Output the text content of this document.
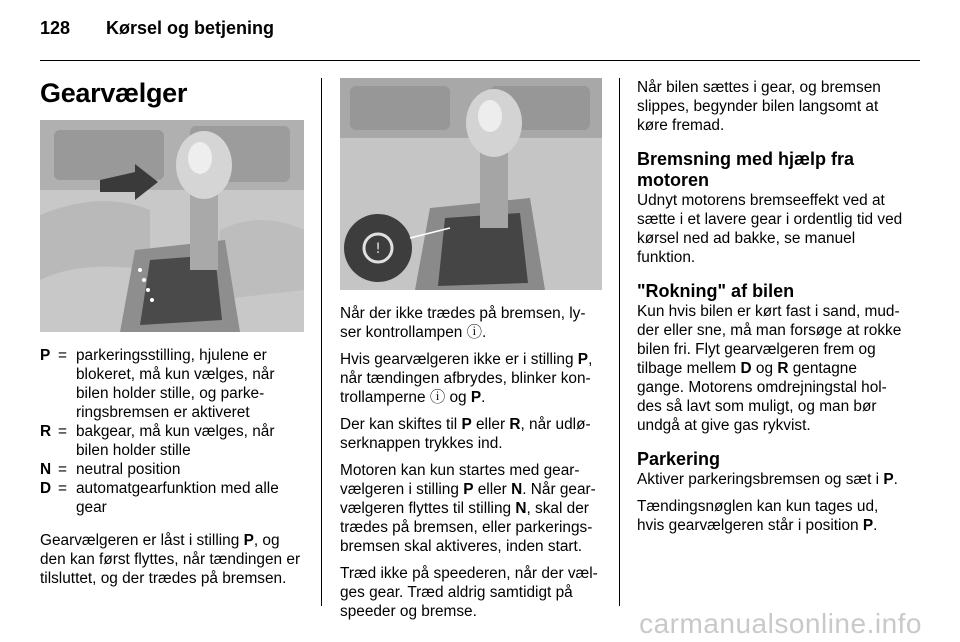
128 Kørsel og betjening
Gearvælger
P = parkeringsstilling, hjulene er blokeret, må kun vælges, når bilen holder stille, og parke-ringsbremsen er aktiveret
R = bakgear, må kun vælges, når bilen holder stille
N = neutral position
D = automatgearfunktion med alle gear

Gearvælgeren er låst i stilling P, og den kan først flyttes, når tændingen er tilsluttet, og der trædes på bremsen.

!

Når der ikke trædes på bremsen, ly-ser kontrollampen ⓘ.

Hvis gearvælgeren ikke er i stilling P, når tændingen afbrydes, blinker kon-trollamperne ⓘ og P.

Der kan skiftes til P eller R, når udlø-serknappen trykkes ind.

Motoren kan kun startes med gear-vælgeren i stilling P eller N. Når gear-vælgeren flyttes til stilling N, skal der trædes på bremsen, eller parkerings-bremsen skal aktiveres, inden start.

Træd ikke på speederen, når der væl-ges gear. Træd aldrig samtidigt på speeder og bremse.

Når bilen sættes i gear, og bremsen slippes, begynder bilen langsomt at køre fremad.

Bremsning med hjælp fra motoren

Udnyt motorens bremseeffekt ved at sætte i et lavere gear i ordentlig tid ved kørsel ned ad bakke, se manuel funktion.

"Rokning" af bilen

Kun hvis bilen er kørt fast i sand, mud-der eller sne, må man forsøge at rokke bilen fri. Flyt gearvælgeren frem og tilbage mellem D og R gentagne gange. Motorens omdrejningstal hol-des så lavt som muligt, og man bør undgå at give gas rykvist.

Parkering

Aktiver parkeringsbremsen og sæt i P.

Tændingsnøglen kan kun tages ud, hvis gearvælgeren står i position P.

carmanualsonline.info
